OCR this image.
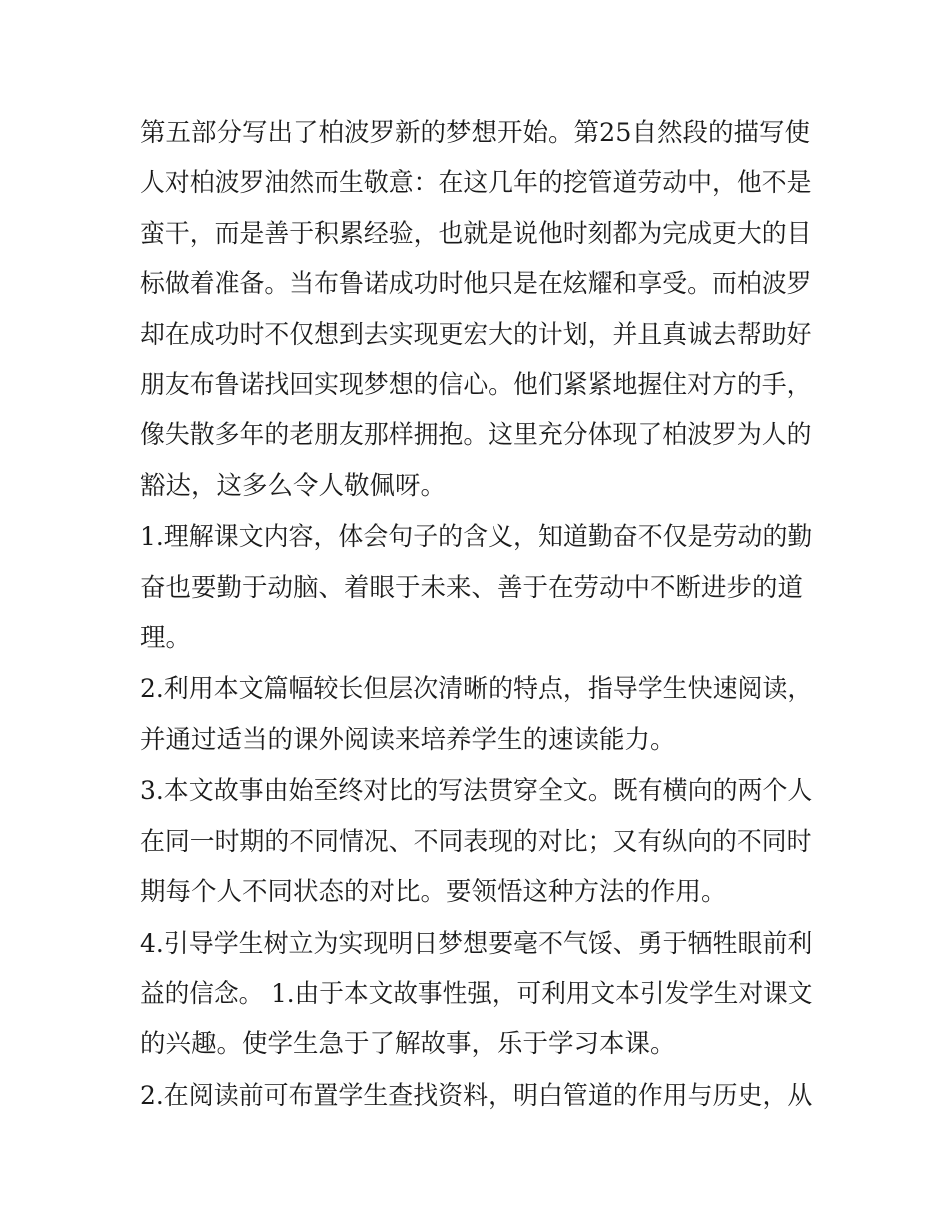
第五部分写出了柏波罗新的梦想开始。第25自然段的描写使
人对柏波罗油然而生敬意：在这几年的挖管道劳动中，他不是
蛮干，而是善于积累经验，也就是说他时刻都为完成更大的目
标做着准备。当布鲁诺成功时他只是在炫耀和享受。而柏波罗
却在成功时不仅想到去实现更宏大的计划，并且真诚去帮助好
朋友布鲁诺找回实现梦想的信心。他们紧紧地握住对方的手，
像失散多年的老朋友那样拥抱。这里充分体现了柏波罗为人的
豁达，这多么令人敬佩呀。

1.理解课文内容，体会句子的含义，知道勤奋不仅是劳动的勤
奋也要勤于动脑、着眼于未来、善于在劳动中不断进步的道
理。

2.利用本文篇幅较长但层次清晰的特点，指导学生快速阅读，
并通过适当的课外阅读来培养学生的速读能力。

3.本文故事由始至终对比的写法贯穿全文。既有横向的两个人
在同一时期的不同情况、不同表现的对比；又有纵向的不同时
期每个人不同状态的对比。要领悟这种方法的作用。

4.引导学生树立为实现明日梦想要毫不气馁、勇于牺牲眼前利
益的信念。 1.由于本文故事性强，可利用文本引发学生对课文
的兴趣。使学生急于了解故事，乐于学习本课。

2.在阅读前可布置学生查找资料，明白管道的作用与历史，从
